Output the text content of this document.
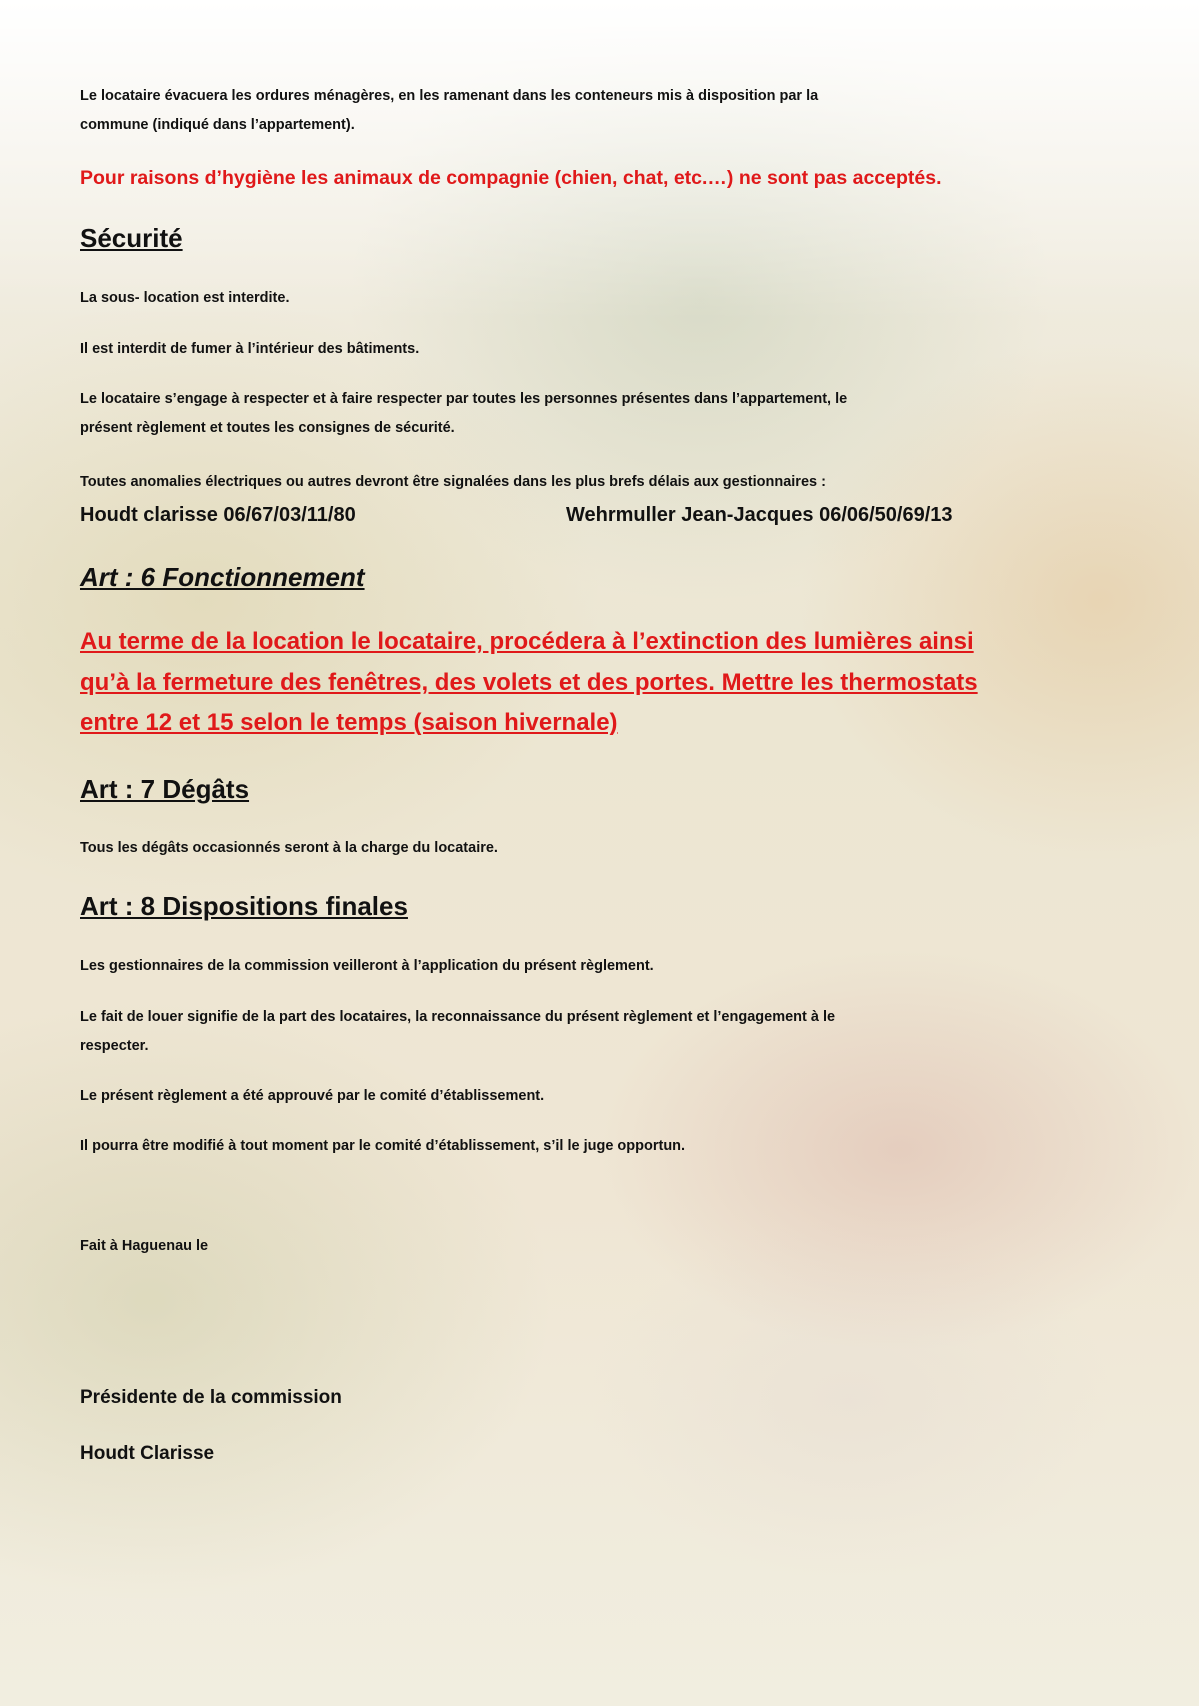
Le locataire évacuera les ordures ménagères, en les ramenant dans les conteneurs mis à disposition par la
commune (indiqué dans l’appartement).
Pour raisons d’hygiène les animaux de compagnie (chien, chat, etc.…) ne sont pas acceptés.
Sécurité
La sous- location est interdite.
Il est interdit de fumer à l’intérieur des bâtiments.
Le locataire s’engage à respecter et à faire respecter par toutes les personnes présentes dans l’appartement, le
présent règlement et toutes les consignes de sécurité.
Toutes anomalies électriques ou autres devront être signalées dans les plus brefs délais aux gestionnaires :
Houdt clarisse 06/67/03/11/80	Wehrmuller Jean-Jacques 06/06/50/69/13
Art : 6 Fonctionnement
Au terme de la location le locataire, procédera à l’extinction des lumières ainsi
qu’à la fermeture des fenêtres, des volets et des portes. Mettre les thermostats
entre 12 et 15 selon le temps (saison hivernale)
Art : 7 Dégâts
Tous les dégâts occasionnés seront à la charge du locataire.
Art : 8 Dispositions finales
Les gestionnaires de la commission veilleront à l’application du présent règlement.
Le fait de louer signifie de la part des locataires, la reconnaissance du présent règlement et l’engagement à le
respecter.
Le présent règlement a été approuvé par le comité d’établissement.
Il pourra être modifié à tout moment par le comité d’établissement, s’il le juge opportun.
Fait à Haguenau le
Présidente de la commission
Houdt Clarisse
